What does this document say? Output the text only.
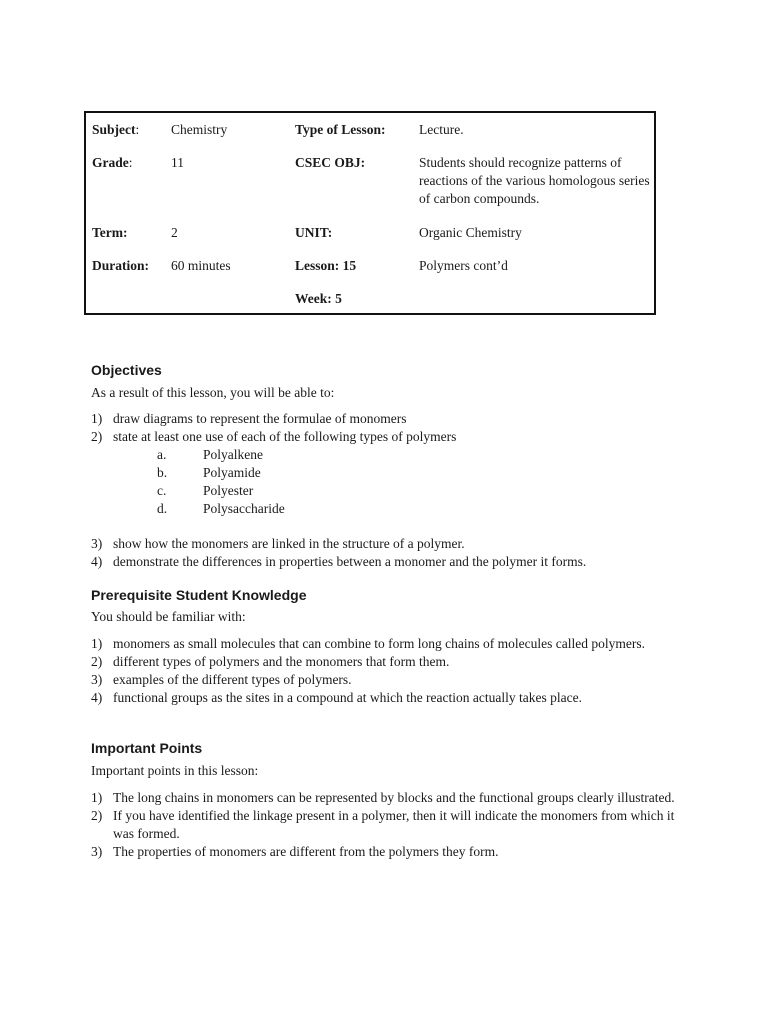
Subject: Chemistry	Type of Lesson: Lecture.
Grade:	11	CSEC OBJ:	Students should recognize patterns of reactions of the various homologous series of carbon compounds.
Term:	2	UNIT:	Organic Chemistry
Duration: 60 minutes	Lesson: 15	Polymers cont’d
Week: 5
Objectives
As a result of this lesson, you will be able to:
1) draw diagrams to represent the formulae of monomers
2) state at least one use of each of the following types of polymers
a.	Polyalkene
b.	Polyamide
c.	Polyester
d.	Polysaccharide
3) show how the monomers are linked in the structure of a polymer.
4) demonstrate the differences in properties between a monomer and the polymer it forms.
Prerequisite Student Knowledge
You should be familiar with:
1) monomers as small molecules that can combine to form long chains of molecules called polymers.
2) different types of polymers and the monomers that form them.
3) examples of the different types of polymers.
4) functional groups as the sites in a compound at which the reaction actually takes place.
Important Points
Important points in this lesson:
1) The long chains in monomers can be represented by blocks and the functional groups clearly illustrated.
2) If you have identified the linkage present in a polymer, then it will indicate the monomers from which it was formed.
3) The properties of monomers are different from the polymers they form.
